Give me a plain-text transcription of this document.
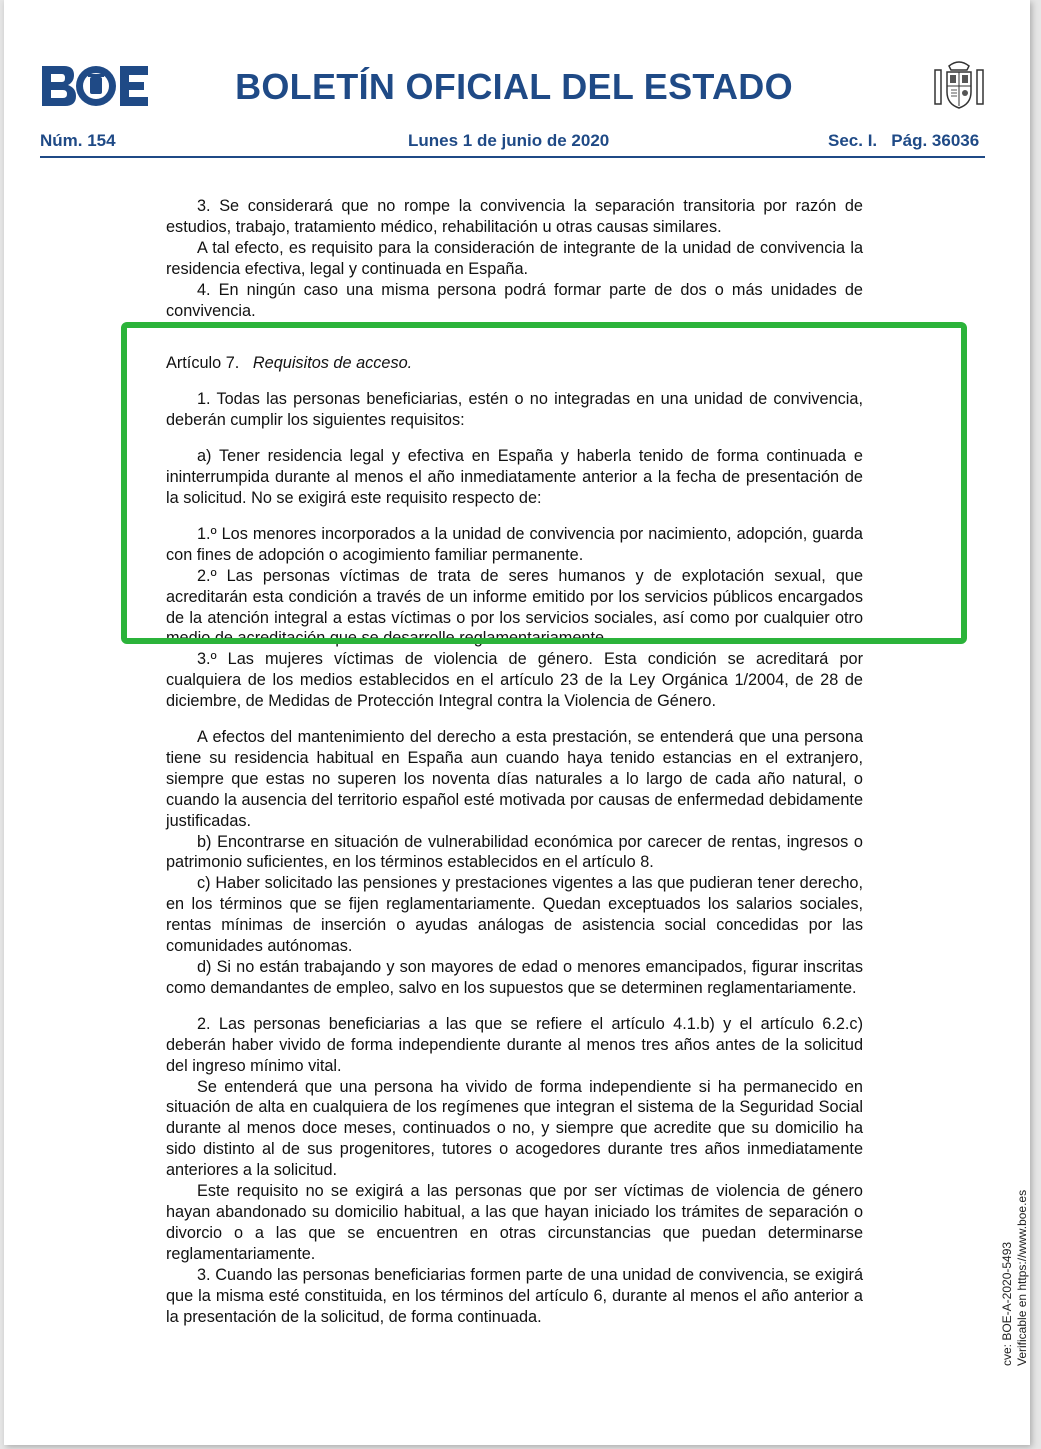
BOLETÍN OFICIAL DEL ESTADO
Núm. 154	Lunes 1 de junio de 2020	Sec. I.   Pág. 36036

3. Se considerará que no rompe la convivencia la separación transitoria por razón de estudios, trabajo, tratamiento médico, rehabilitación u otras causas similares.

A tal efecto, es requisito para la consideración de integrante de la unidad de convivencia la residencia efectiva, legal y continuada en España.

4. En ningún caso una misma persona podrá formar parte de dos o más unidades de convivencia.

Artículo 7. Requisitos de acceso.

1. Todas las personas beneficiarias, estén o no integradas en una unidad de convivencia, deberán cumplir los siguientes requisitos:

a) Tener residencia legal y efectiva en España y haberla tenido de forma continuada e ininterrumpida durante al menos el año inmediatamente anterior a la fecha de presentación de la solicitud. No se exigirá este requisito respecto de:

1.º Los menores incorporados a la unidad de convivencia por nacimiento, adopción, guarda con fines de adopción o acogimiento familiar permanente.

2.º Las personas víctimas de trata de seres humanos y de explotación sexual, que acreditarán esta condición a través de un informe emitido por los servicios públicos encargados de la atención integral a estas víctimas o por los servicios sociales, así como por cualquier otro medio de acreditación que se desarrolle reglamentariamente.

3.º Las mujeres víctimas de violencia de género. Esta condición se acreditará por cualquiera de los medios establecidos en el artículo 23 de la Ley Orgánica 1/2004, de 28 de diciembre, de Medidas de Protección Integral contra la Violencia de Género.

A efectos del mantenimiento del derecho a esta prestación, se entenderá que una persona tiene su residencia habitual en España aun cuando haya tenido estancias en el extranjero, siempre que estas no superen los noventa días naturales a lo largo de cada año natural, o cuando la ausencia del territorio español esté motivada por causas de enfermedad debidamente justificadas.

b) Encontrarse en situación de vulnerabilidad económica por carecer de rentas, ingresos o patrimonio suficientes, en los términos establecidos en el artículo 8.

c) Haber solicitado las pensiones y prestaciones vigentes a las que pudieran tener derecho, en los términos que se fijen reglamentariamente. Quedan exceptuados los salarios sociales, rentas mínimas de inserción o ayudas análogas de asistencia social concedidas por las comunidades autónomas.

d) Si no están trabajando y son mayores de edad o menores emancipados, figurar inscritas como demandantes de empleo, salvo en los supuestos que se determinen reglamentariamente.

2. Las personas beneficiarias a las que se refiere el artículo 4.1.b) y el artículo 6.2.c) deberán haber vivido de forma independiente durante al menos tres años antes de la solicitud del ingreso mínimo vital.

Se entenderá que una persona ha vivido de forma independiente si ha permanecido en situación de alta en cualquiera de los regímenes que integran el sistema de la Seguridad Social durante al menos doce meses, continuados o no, y siempre que acredite que su domicilio ha sido distinto al de sus progenitores, tutores o acogedores durante tres años inmediatamente anteriores a la solicitud.

Este requisito no se exigirá a las personas que por ser víctimas de violencia de género hayan abandonado su domicilio habitual, a las que hayan iniciado los trámites de separación o divorcio o a las que se encuentren en otras circunstancias que puedan determinarse reglamentariamente.

3. Cuando las personas beneficiarias formen parte de una unidad de convivencia, se exigirá que la misma esté constituida, en los términos del artículo 6, durante al menos el año anterior a la presentación de la solicitud, de forma continuada.	cve: BOE-A-2020-5493 Verificable en https://www.boe.es
